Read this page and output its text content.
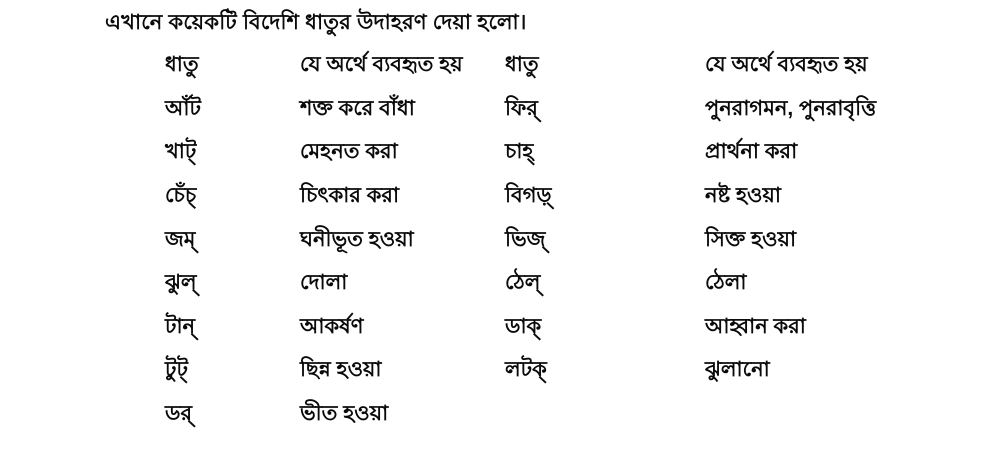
এখানে কয়েকটি বিদেশি ধাতুর উদাহরণ দেয়া হলো।

ধাতু	যে অর্থে ব্যবহৃত হয়	ধাতু	যে অর্থে ব্যবহৃত হয়
আঁট	শক্ত করে বাঁধা	ফির্	পুনরাগমন, পুনরাবৃত্তি
খাট্	মেহনত করা	চাহ্	প্রার্থনা করা
চেঁচ্	চিৎকার করা	বিগড়্	নষ্ট হওয়া
জম্	ঘনীভূত হওয়া	ভিজ্	সিক্ত হওয়া
ঝুল্	দোলা	ঠেল্	ঠেলা
টান্	আকর্ষণ	ডাক্	আহ্বান করা
টুট্	ছিন্ন হওয়া	লটক্	ঝুলানো
ডর্	ভীত হওয়া
